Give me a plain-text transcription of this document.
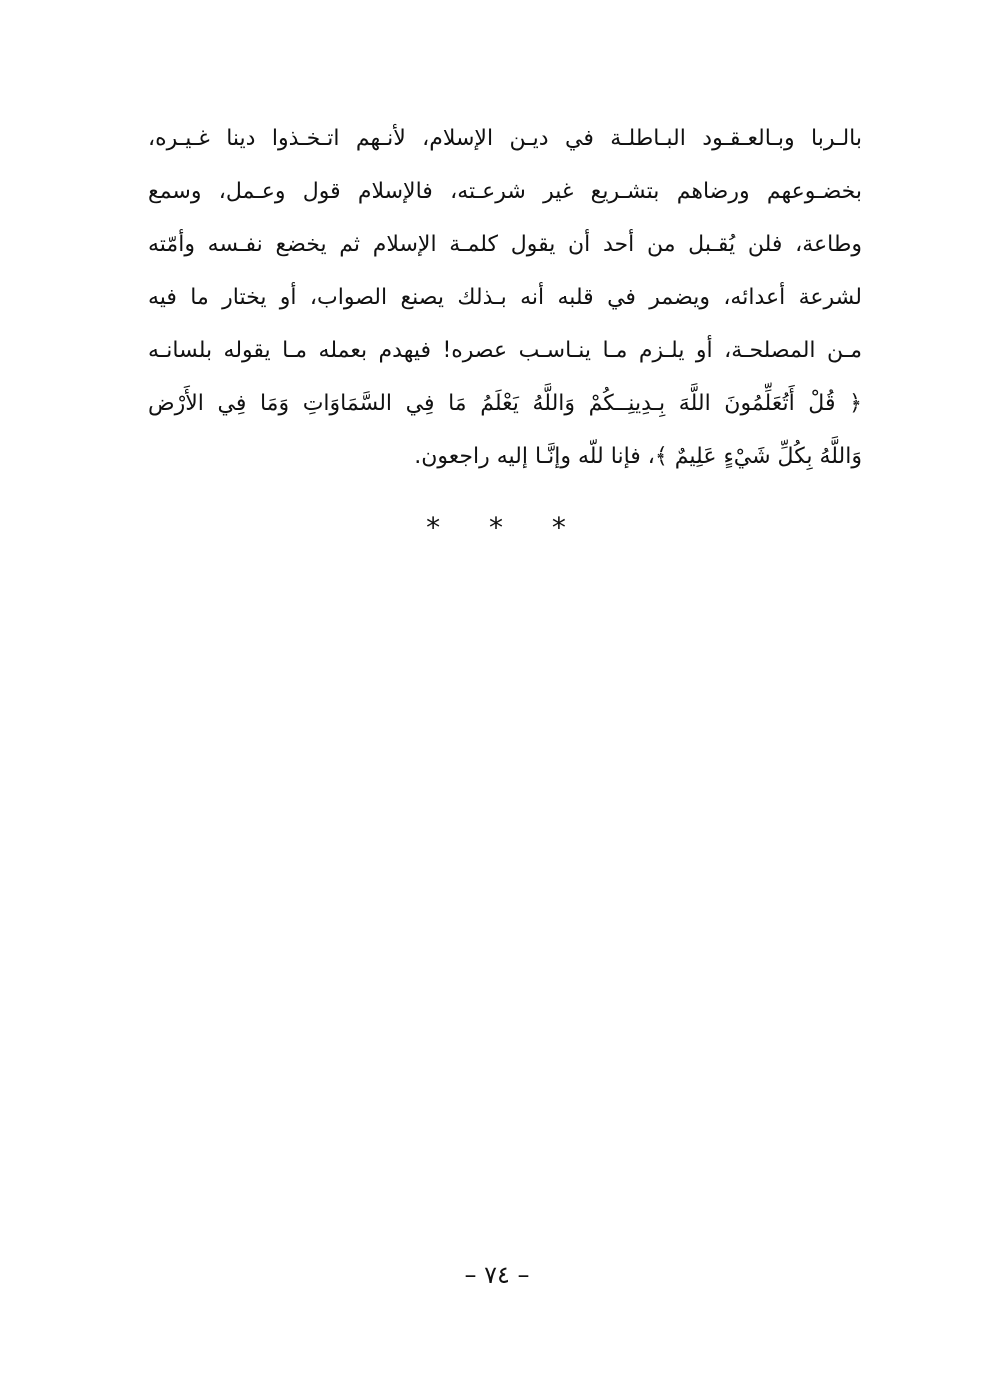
بالـربا وبـالعـقـود البـاطلـة في ديـن الإسلام، لأنـهم اتـخـذوا دينا غـيـره،
بخضـوعهم ورضاهم بتشـريع غير شرعـته، فالإسلام قول وعـمل، وسمع
وطاعة، فلن يُقـبل من أحد أن يقول كلمـة الإسلام ثم يخضع نفـسه وأمّته
لشرعة أعدائه، ويضمر في قلبه أنه بـذلك يصنع الصواب، أو يختار ما فيه
مـن المصلحـة، أو يلـزم مـا ينـاسـب عصره! فيهدم بعمله مـا يقوله بلسانـه
﴿ قُلْ أَتُعَلِّمُونَ اللَّهَ بِـدِينِــكُمْ وَاللَّهُ يَعْلَمُ مَا فِي السَّمَاوَاتِ وَمَا فِي الأَرْض
وَاللَّهُ بِكُلِّ شَيْءٍ عَلِيمٌ ﴾، فإنا للّه وإنَّـا إليه راجعون.
* * *
– ٧٤ –
